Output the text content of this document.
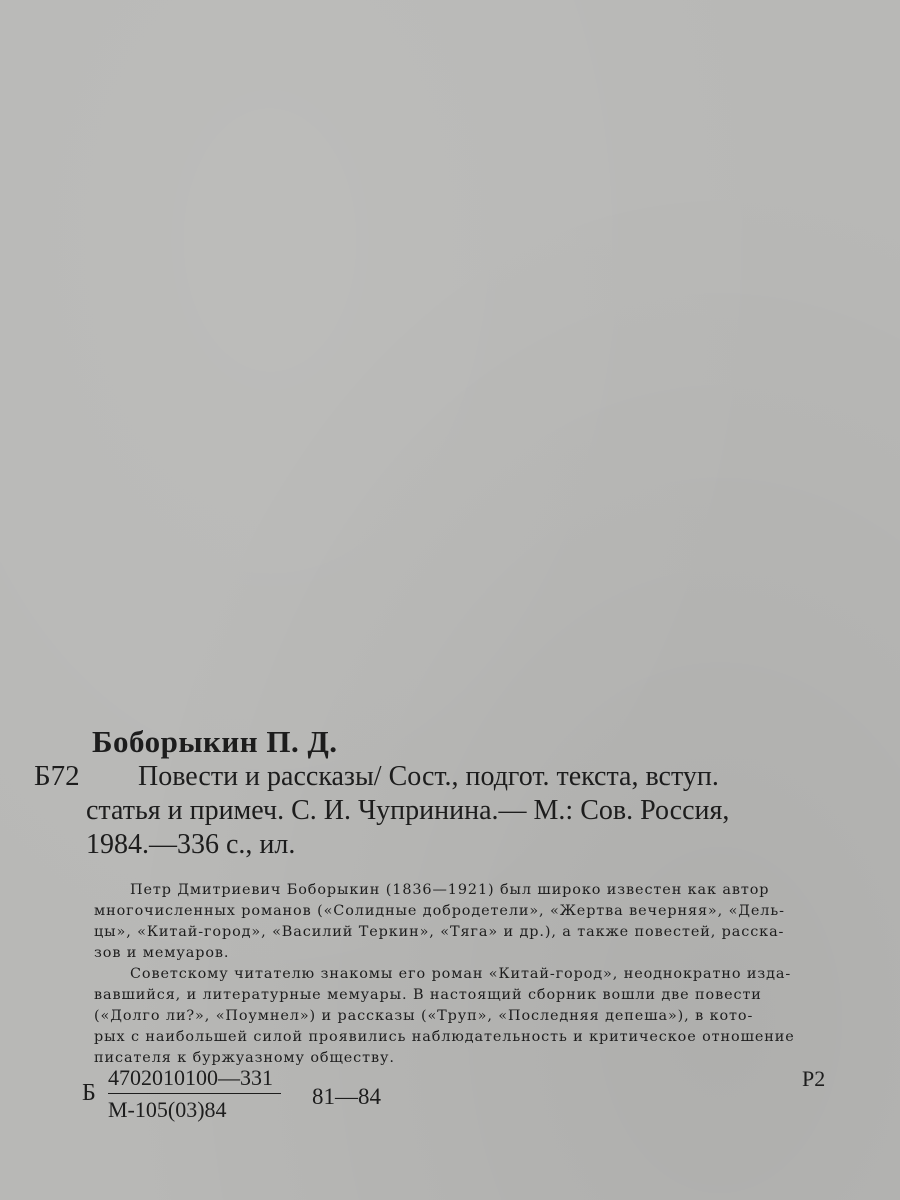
Боборыкин П. Д.
Б72	Повести и рассказы/ Сост., подгот. текста, вступ.
статья и примеч. С. И. Чупринина.— М.: Сов. Россия,
1984.—336 с., ил.
Петр Дмитриевич Боборыкин (1836—1921) был широко известен как автор
многочисленных романов («Солидные добродетели», «Жертва вечерняя», «Дель-
цы», «Китай-город», «Василий Теркин», «Тяга» и др.), а также повестей, расска-
зов и мемуаров.
Советскому читателю знакомы его роман «Китай-город», неоднократно изда-
вавшийся, и литературные мемуары. В настоящий сборник вошли две повести
(«Долго ли?», «Поумнел») и рассказы («Труп», «Последняя депеша»), в кото-
рых с наибольшей силой проявились наблюдательность и критическое отношение
писателя к буржуазному обществу.
Б
4702010100—331
М-105(03)84
81—84
Р2
